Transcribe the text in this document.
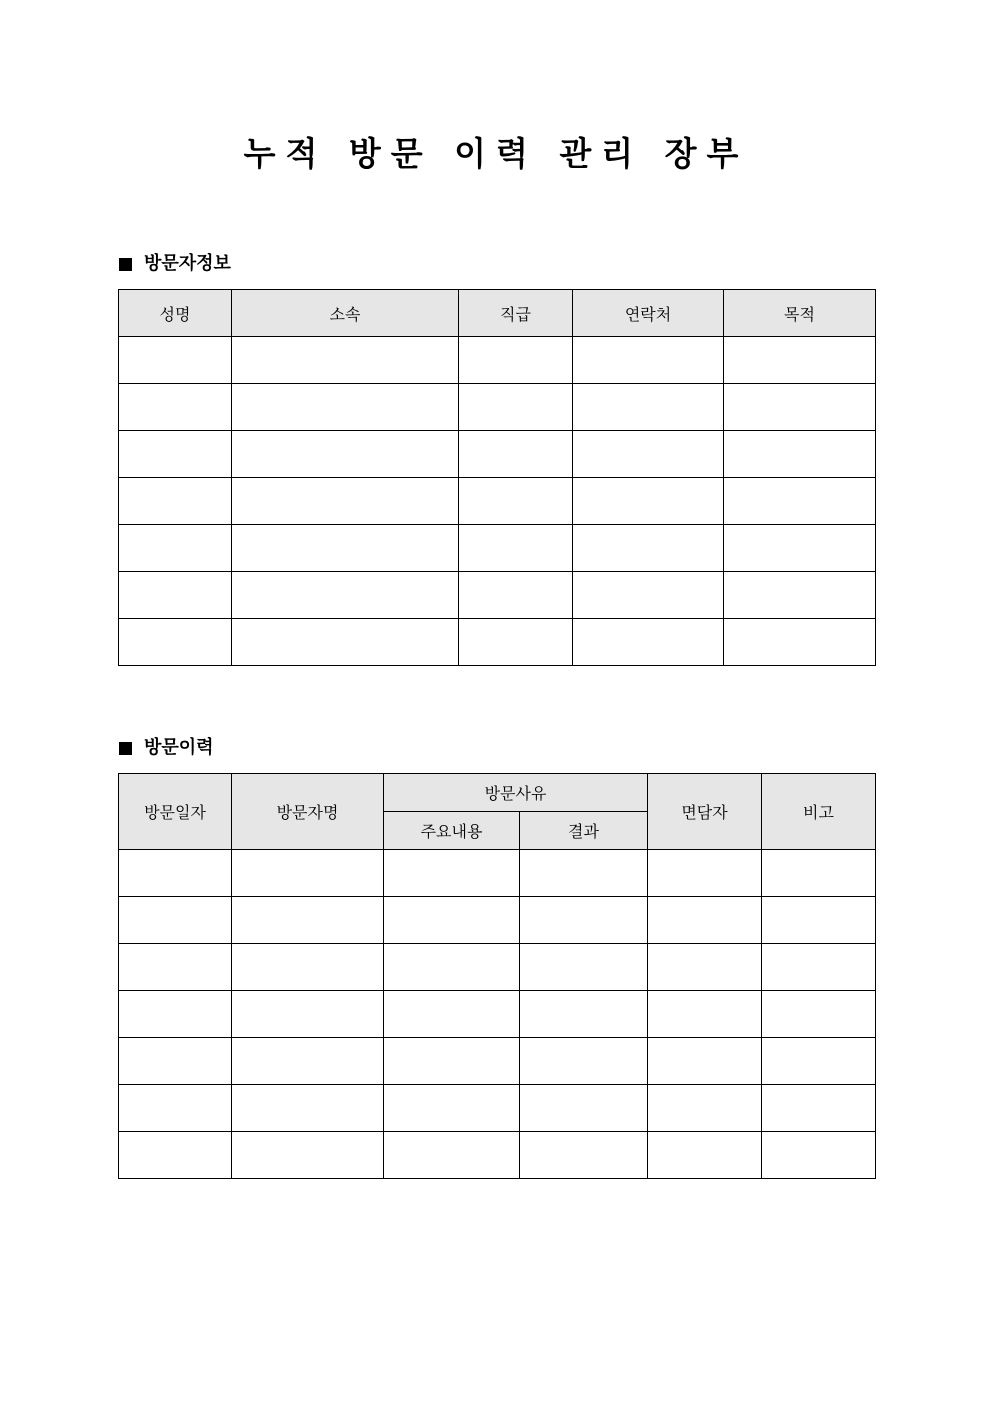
누적 방문 이력 관리 장부
방문자정보
성명	소속	직급	연락처	목적

방문이력
방문일자	방문자명	방문사유		면담자	비고
		주요내용	결과		
